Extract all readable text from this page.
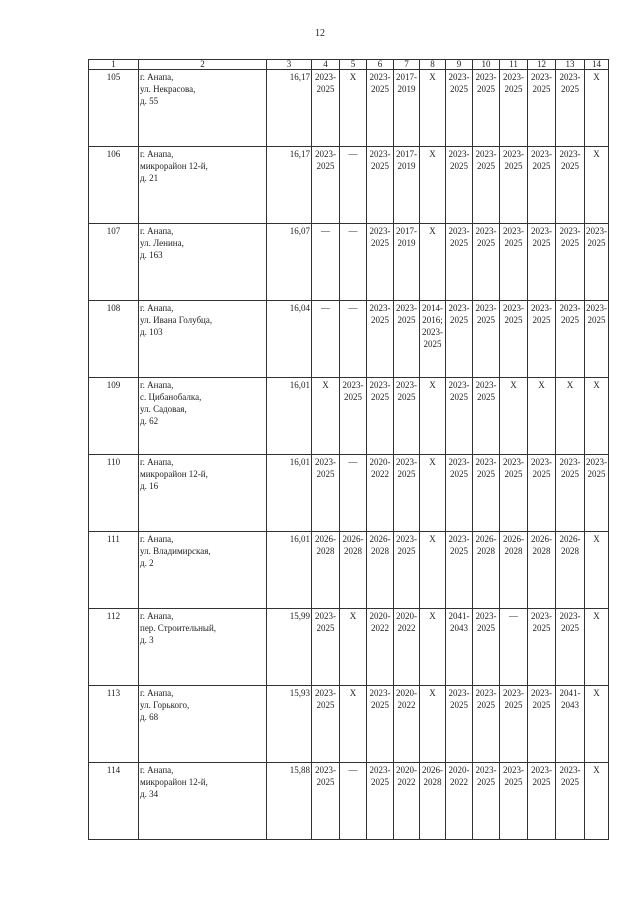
12
1	2	3	4	5	6	7	8	9	10	11	12	13	14
105	г. Анапа,
ул. Некрасова,
д. 55	16,17	2023-
2025	X	2023-
2025	2017-
2019	X	2023-
2025	2023-
2025	2023-
2025	2023-
2025	2023-
2025	X
106	г. Анапа,
микрорайон 12-й,
д. 21	16,17	2023-
2025	—	2023-
2025	2017-
2019	X	2023-
2025	2023-
2025	2023-
2025	2023-
2025	2023-
2025	X
107	г. Анапа,
ул. Ленина,
д. 163	16,07	—	—	2023-
2025	2017-
2019	X	2023-
2025	2023-
2025	2023-
2025	2023-
2025	2023-
2025	2023-
2025
108	г. Анапа,
ул. Ивана Голубца,
д. 103	16,04	—	—	2023-
2025	2023-
2025	2014-
2016;
2023-
2025	2023-
2025	2023-
2025	2023-
2025	2023-
2025	2023-
2025	2023-
2025
109	г. Анапа,
с. Цибанобалка,
ул. Садовая,
д. 62	16,01	X	2023-
2025	2023-
2025	2023-
2025	X	2023-
2025	2023-
2025	X	X	X	X
110	г. Анапа,
микрорайон 12-й,
д. 16	16,01	2023-
2025	—	2020-
2022	2023-
2025	X	2023-
2025	2023-
2025	2023-
2025	2023-
2025	2023-
2025	2023-
2025
111	г. Анапа,
ул. Владимирская,
д. 2	16,01	2026-
2028	2026-
2028	2026-
2028	2023-
2025	X	2023-
2025	2026-
2028	2026-
2028	2026-
2028	2026-
2028	X
112	г. Анапа,
пер. Строительный,
д. 3	15,99	2023-
2025	X	2020-
2022	2020-
2022	X	2041-
2043	2023-
2025	—	2023-
2025	2023-
2025	X
113	г. Анапа,
ул. Горького,
д. 68	15,93	2023-
2025	X	2023-
2025	2020-
2022	X	2023-
2025	2023-
2025	2023-
2025	2023-
2025	2041-
2043	X
114	г. Анапа,
микрорайон 12-й,
д. 34	15,88	2023-
2025	—	2023-
2025	2020-
2022	2026-
2028	2020-
2022	2023-
2025	2023-
2025	2023-
2025	2023-
2025	X
